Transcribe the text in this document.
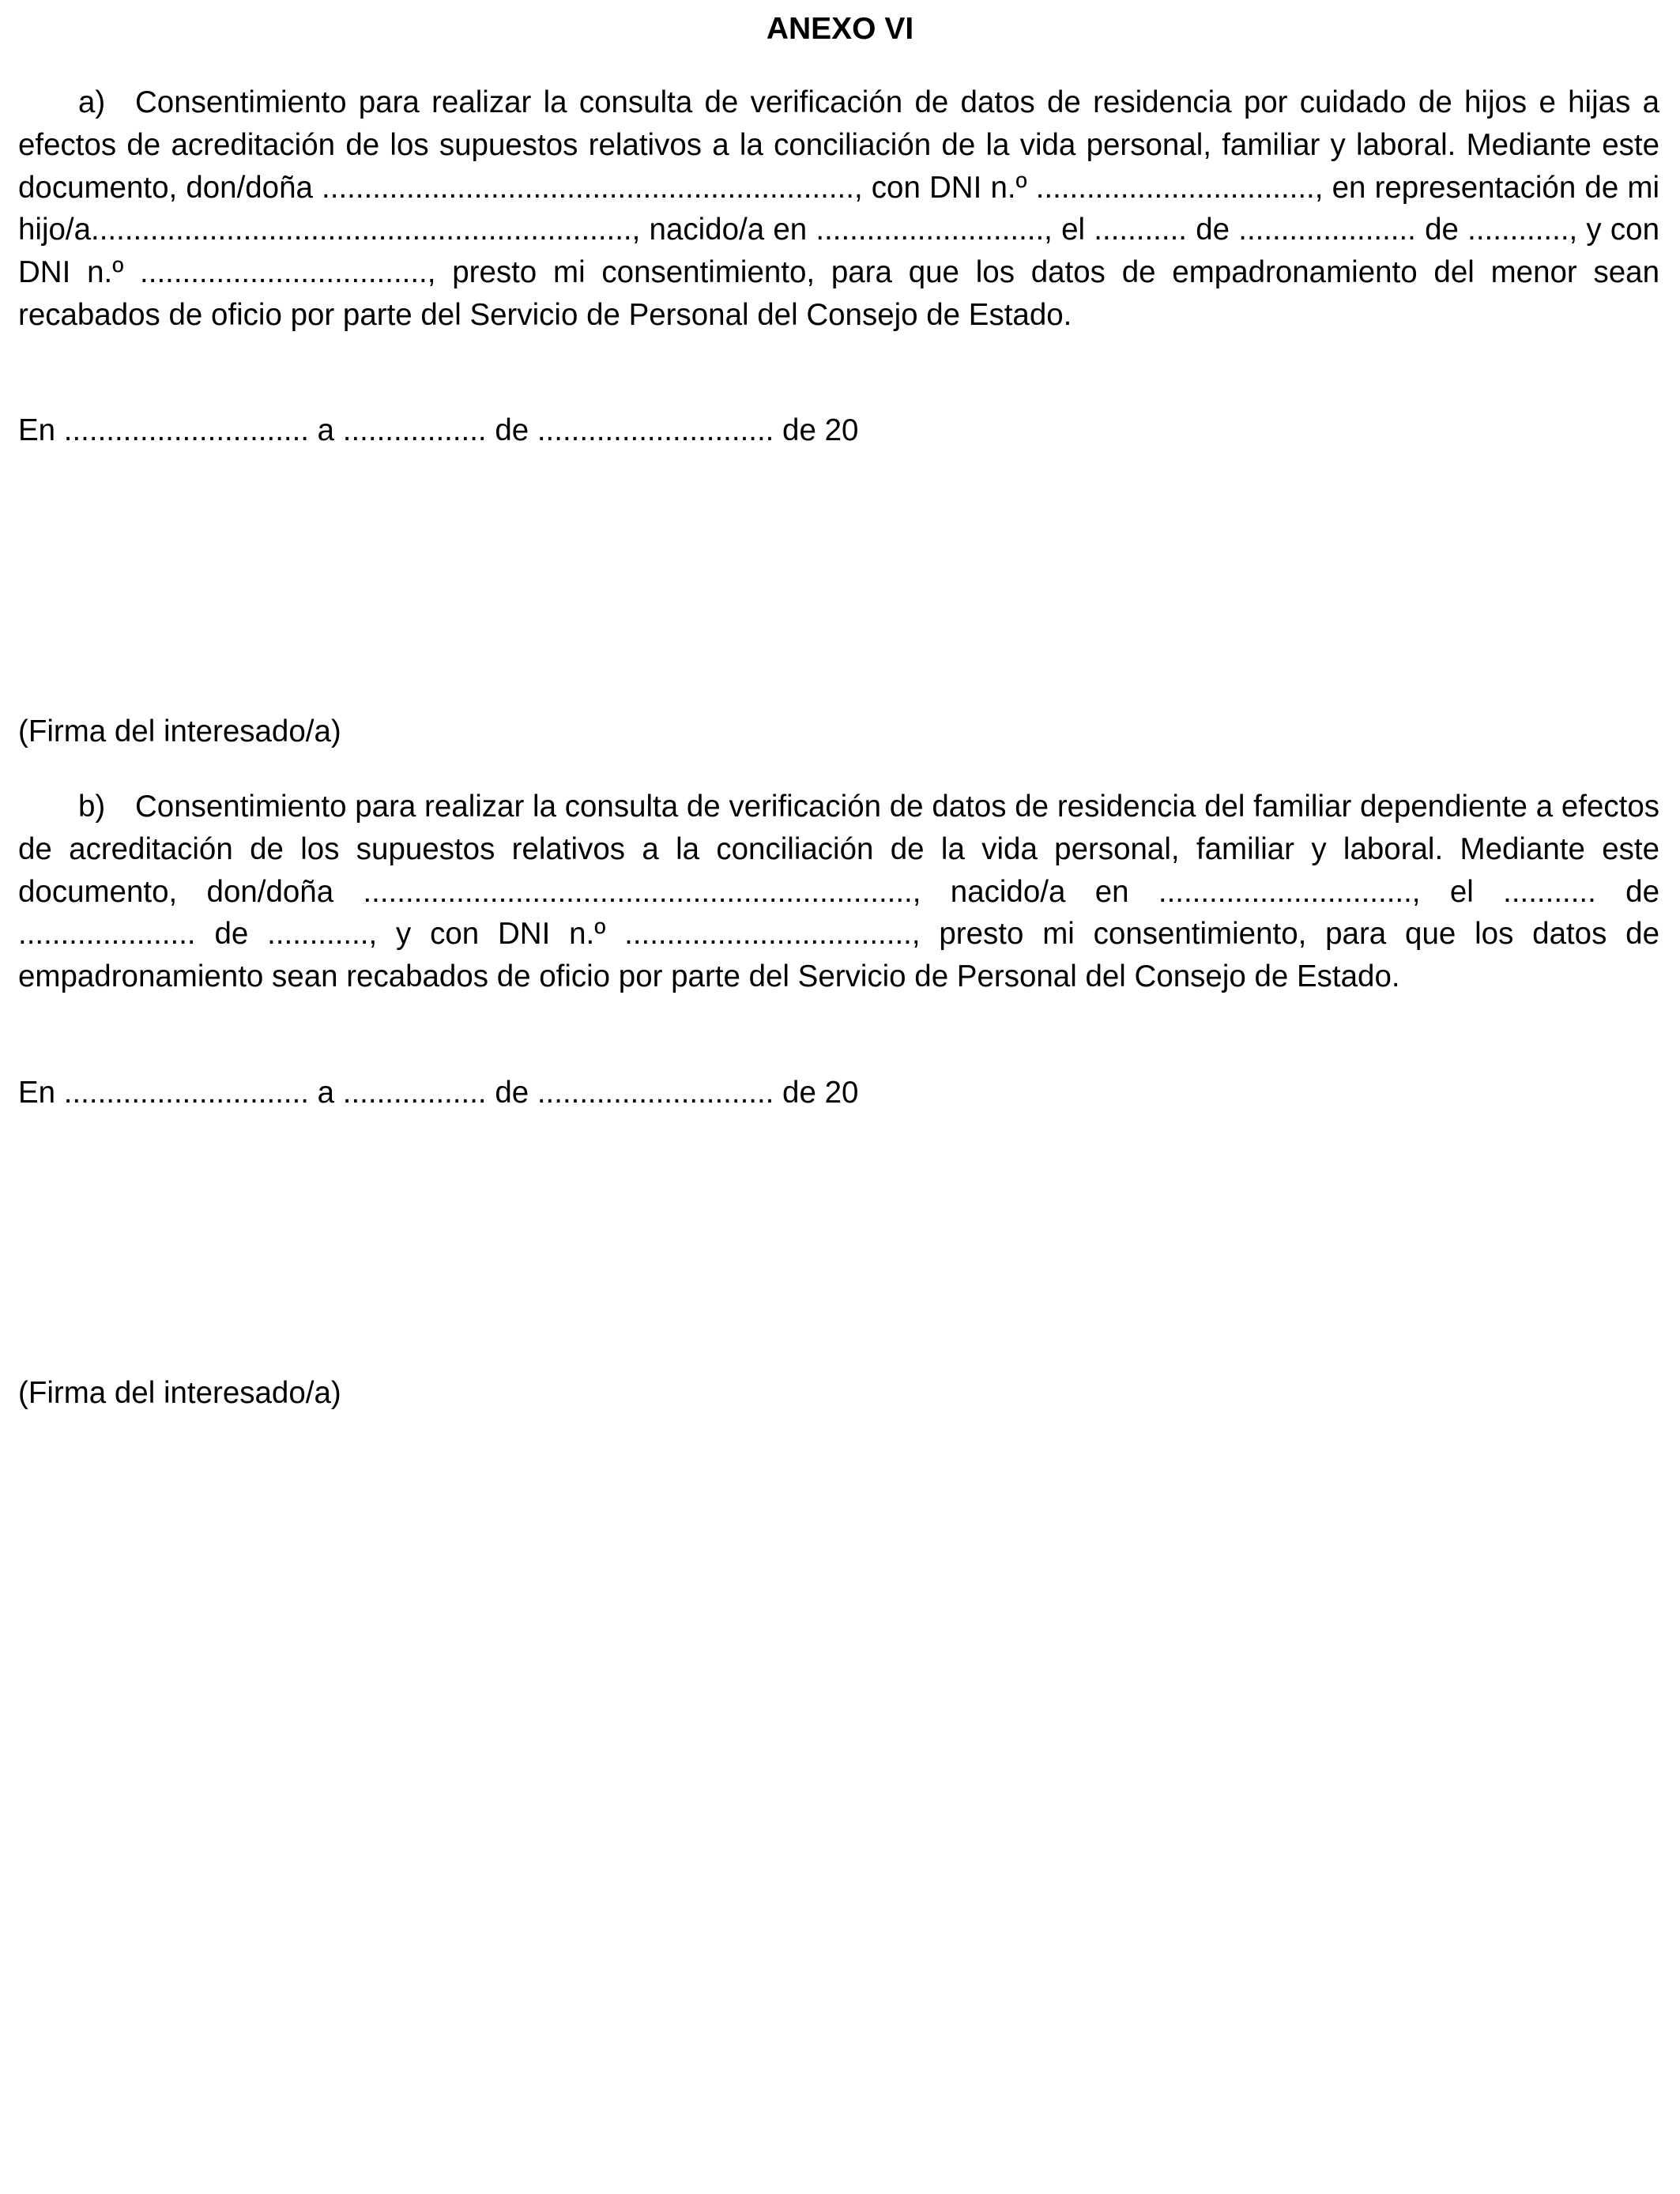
ANEXO VI

a) Consentimiento para realizar la consulta de verificación de datos de residencia por cuidado de hijos e hijas a efectos de acreditación de los supuestos relativos a la conciliación de la vida personal, familiar y laboral. Mediante este documento, don/doña ..............................................................., con DNI n.º ................................., en representación de mi hijo/a................................................................, nacido/a en ..........................., el ........... de ..................... de ............, y con DNI n.º .................................., presto mi consentimiento, para que los datos de empadronamiento del menor sean recabados de oficio por parte del Servicio de Personal del Consejo de Estado.

En ............................. a ................. de ............................ de 20
(Firma del interesado/a)

b) Consentimiento para realizar la consulta de verificación de datos de residencia del familiar dependiente a efectos de acreditación de los supuestos relativos a la conciliación de la vida personal, familiar y laboral. Mediante este documento, don/doña ................................................................., nacido/a en .............................., el ........... de ..................... de ............, y con DNI n.º .................................., presto mi consentimiento, para que los datos de empadronamiento sean recabados de oficio por parte del Servicio de Personal del Consejo de Estado.

En ............................. a ................. de ............................ de 20
(Firma del interesado/a)
